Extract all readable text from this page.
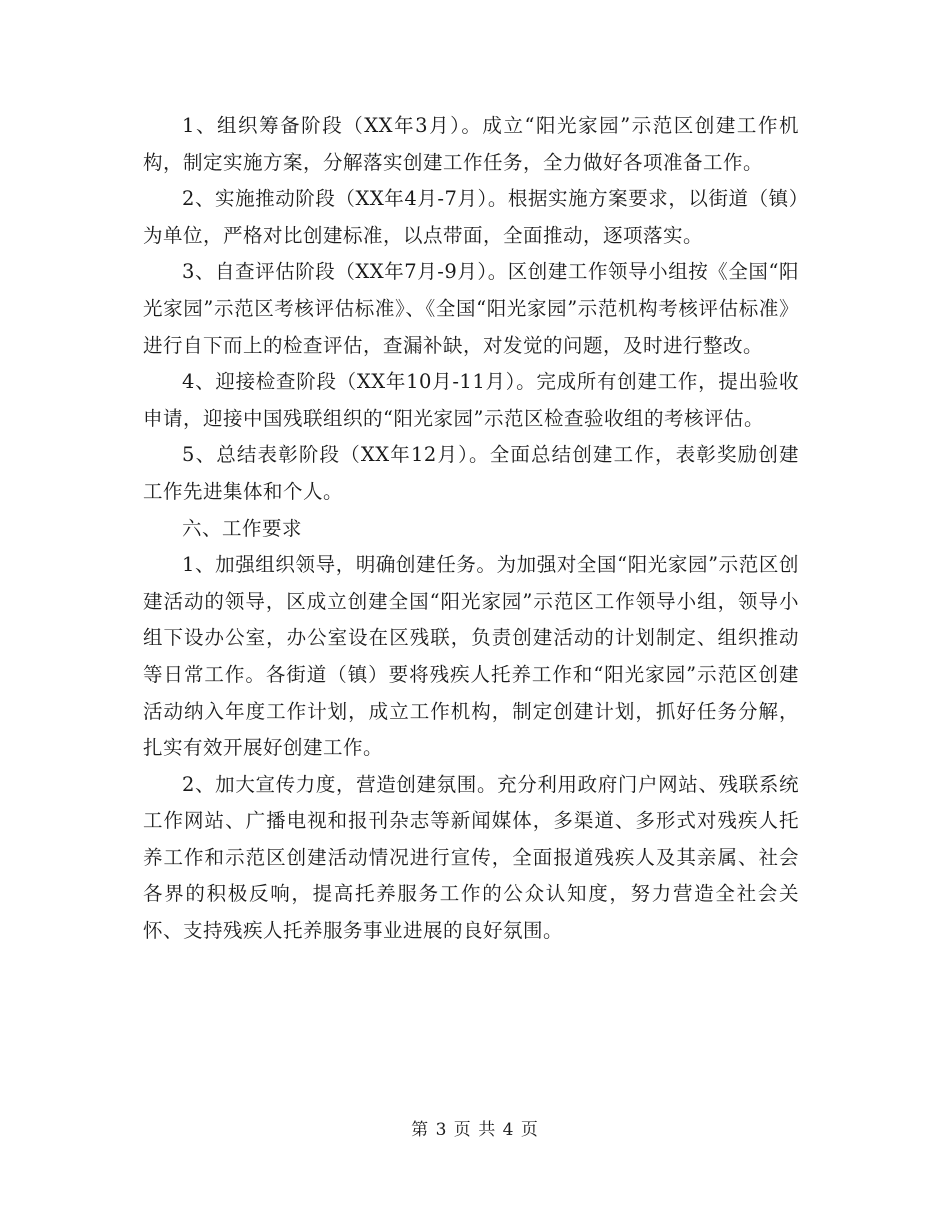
1、组织筹备阶段（XX年3月）。成立“阳光家园”示范区创建工作机构，制定实施方案，分解落实创建工作任务，全力做好各项准备工作。

2、实施推动阶段（XX年4月-7月）。根据实施方案要求，以街道（镇）为单位，严格对比创建标准，以点带面，全面推动，逐项落实。

3、自查评估阶段（XX年7月-9月）。区创建工作领导小组按《全国“阳光家园”示范区考核评估标准》、《全国“阳光家园”示范机构考核评估标准》进行自下而上的检查评估，查漏补缺，对发觉的问题，及时进行整改。

4、迎接检查阶段（XX年10月-11月）。完成所有创建工作，提出验收申请，迎接中国残联组织的“阳光家园”示范区检查验收组的考核评估。

5、总结表彰阶段（XX年12月）。全面总结创建工作，表彰奖励创建工作先进集体和个人。

六、工作要求

1、加强组织领导，明确创建任务。为加强对全国“阳光家园”示范区创建活动的领导，区成立创建全国“阳光家园”示范区工作领导小组，领导小组下设办公室，办公室设在区残联，负责创建活动的计划制定、组织推动等日常工作。各街道（镇）要将残疾人托养工作和“阳光家园”示范区创建活动纳入年度工作计划，成立工作机构，制定创建计划，抓好任务分解，扎实有效开展好创建工作。

2、加大宣传力度，营造创建氛围。充分利用政府门户网站、残联系统工作网站、广播电视和报刊杂志等新闻媒体，多渠道、多形式对残疾人托养工作和示范区创建活动情况进行宣传，全面报道残疾人及其亲属、社会各界的积极反响，提高托养服务工作的公众认知度，努力营造全社会关怀、支持残疾人托养服务事业进展的良好氛围。

第 3 页 共 4 页
